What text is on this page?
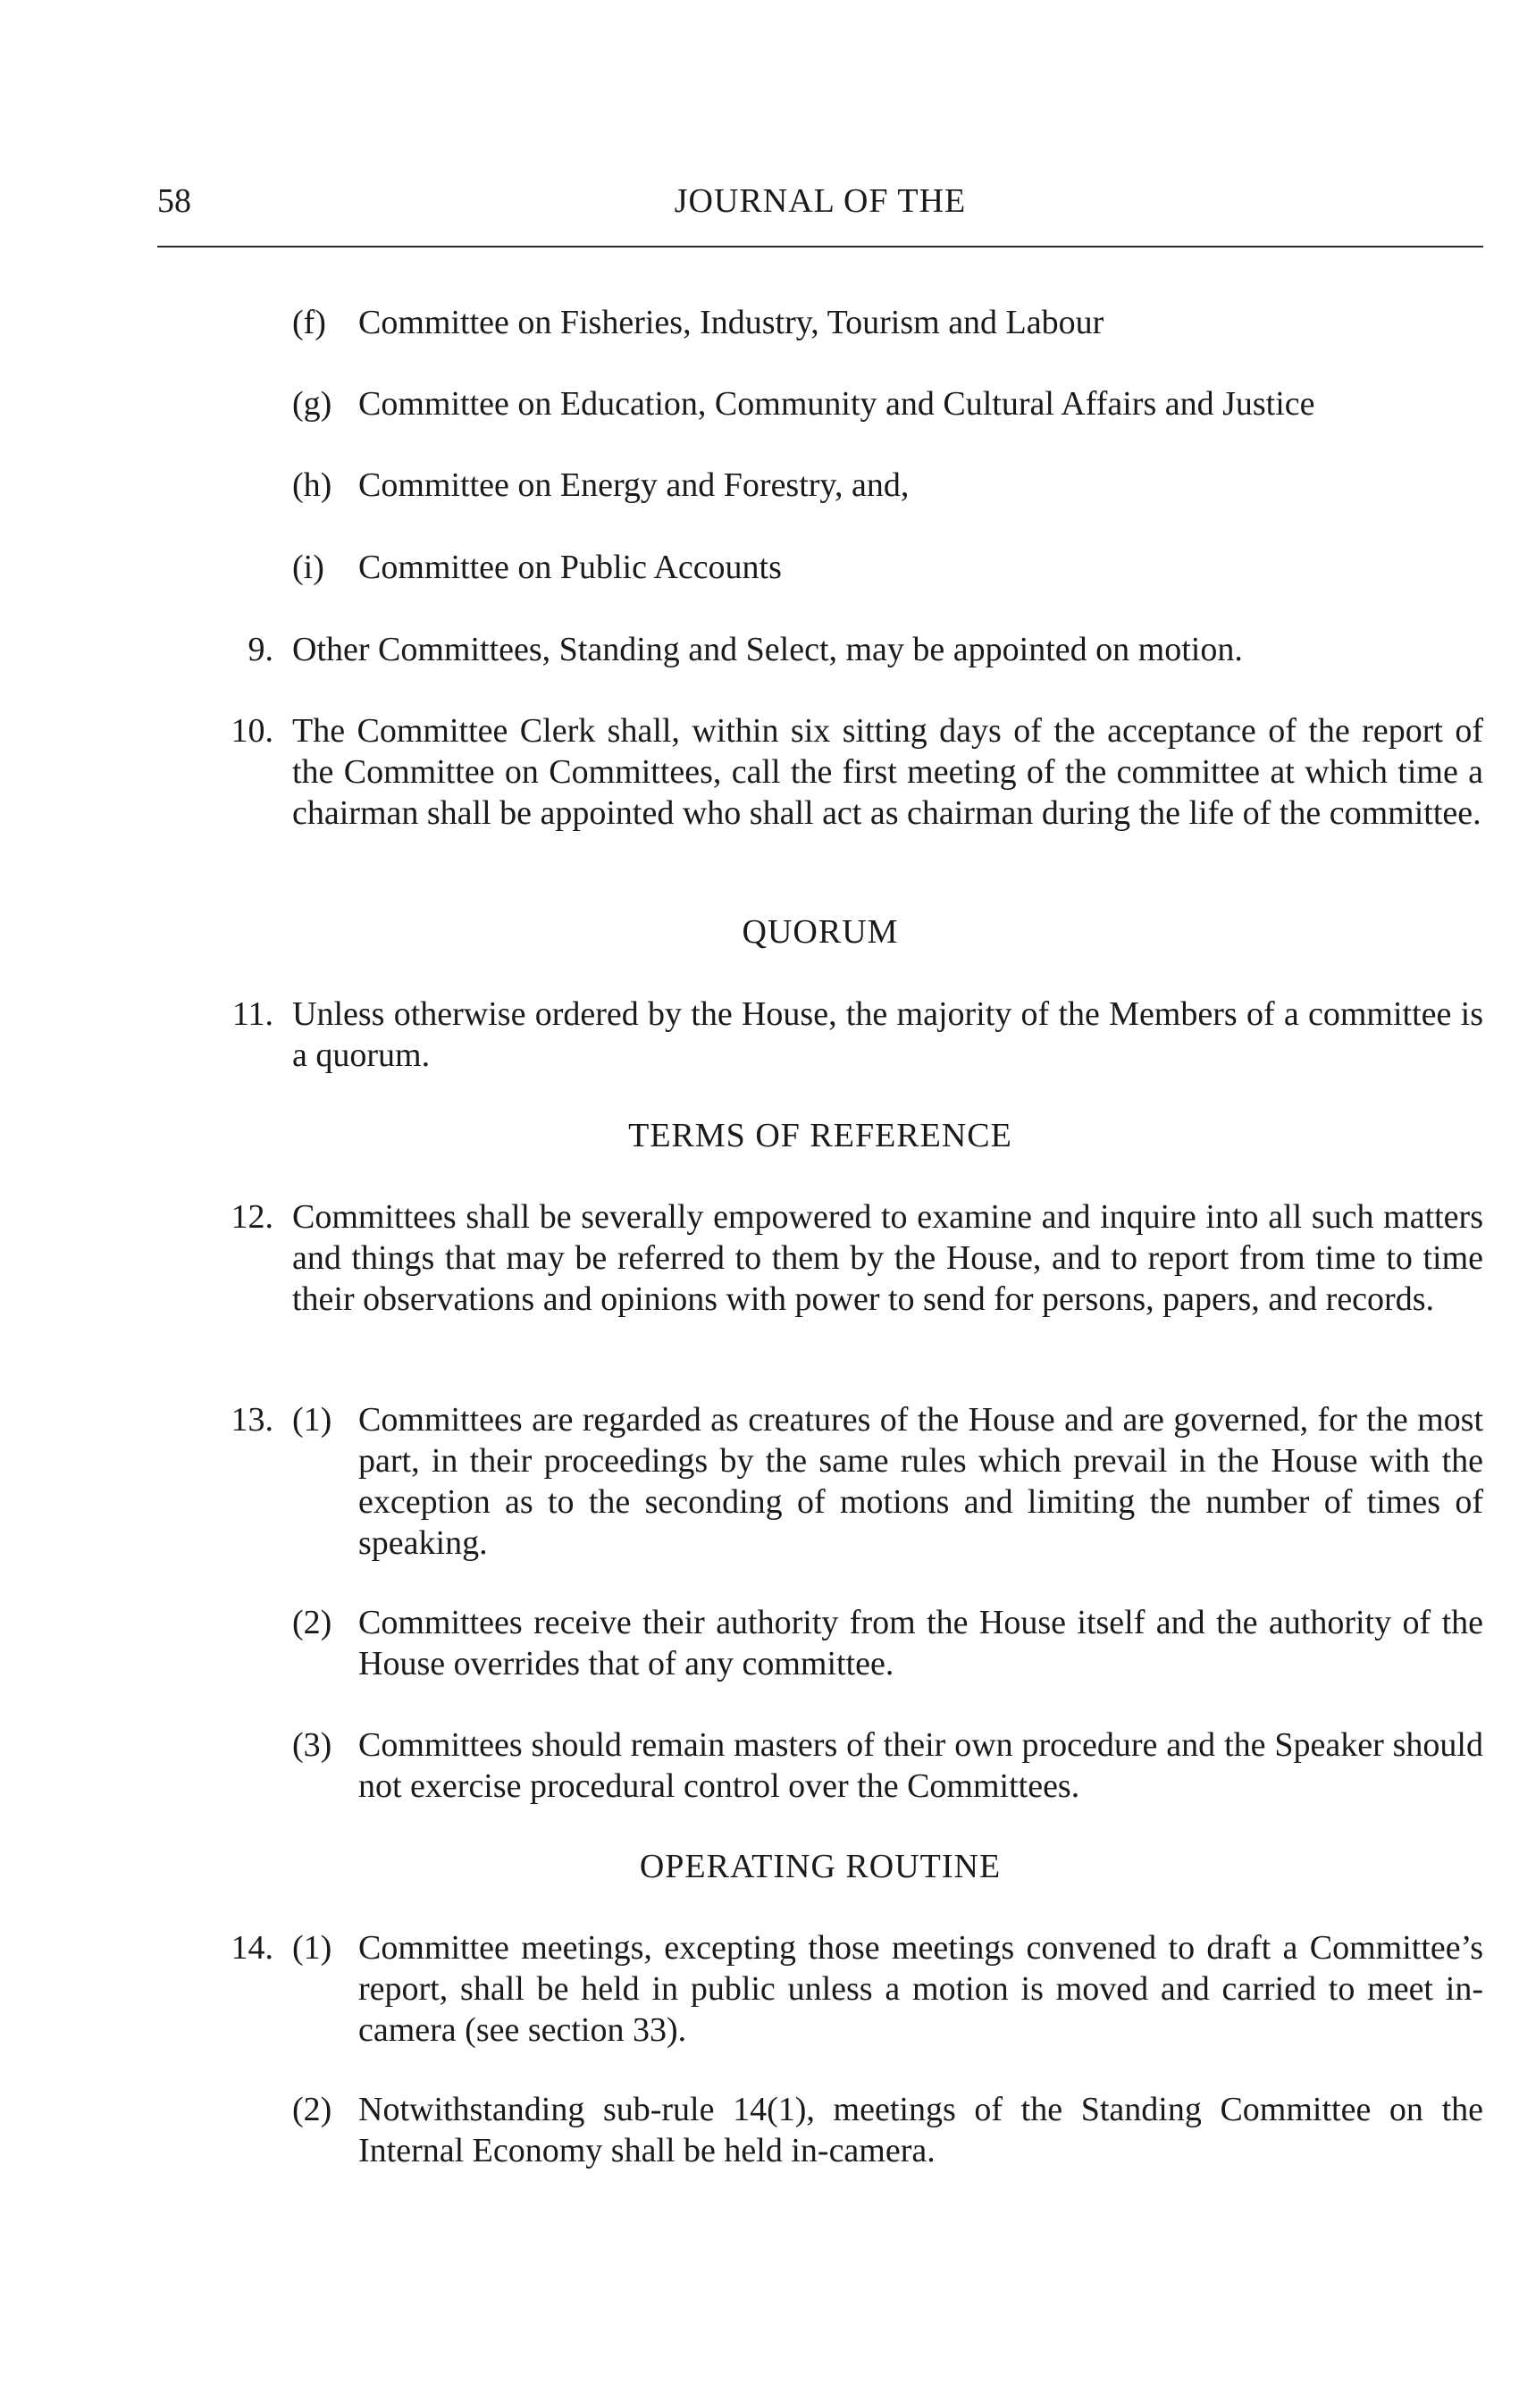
58	JOURNAL OF THE
(f) Committee on Fisheries, Industry, Tourism and Labour
(g) Committee on Education, Community and Cultural Affairs and Justice
(h) Committee on Energy and Forestry, and,
(i) Committee on Public Accounts
9. Other Committees, Standing and Select, may be appointed on motion.
10. The Committee Clerk shall, within six sitting days of the acceptance of the report of the Committee on Committees, call the first meeting of the committee at which time a chairman shall be appointed who shall act as chairman during the life of the committee.
QUORUM
11. Unless otherwise ordered by the House, the majority of the Members of a committee is a quorum.
TERMS OF REFERENCE
12. Committees shall be severally empowered to examine and inquire into all such matters and things that may be referred to them by the House, and to report from time to time their observations and opinions with power to send for persons, papers, and records.
13. (1) Committees are regarded as creatures of the House and are governed, for the most part, in their proceedings by the same rules which prevail in the House with the exception as to the seconding of motions and limiting the number of times of speaking.
(2) Committees receive their authority from the House itself and the authority of the House overrides that of any committee.
(3) Committees should remain masters of their own procedure and the Speaker should not exercise procedural control over the Committees.
OPERATING ROUTINE
14. (1) Committee meetings, excepting those meetings convened to draft a Committee’s report, shall be held in public unless a motion is moved and carried to meet in-camera (see section 33).
(2) Notwithstanding sub-rule 14(1), meetings of the Standing Committee on the Internal Economy shall be held in-camera.
